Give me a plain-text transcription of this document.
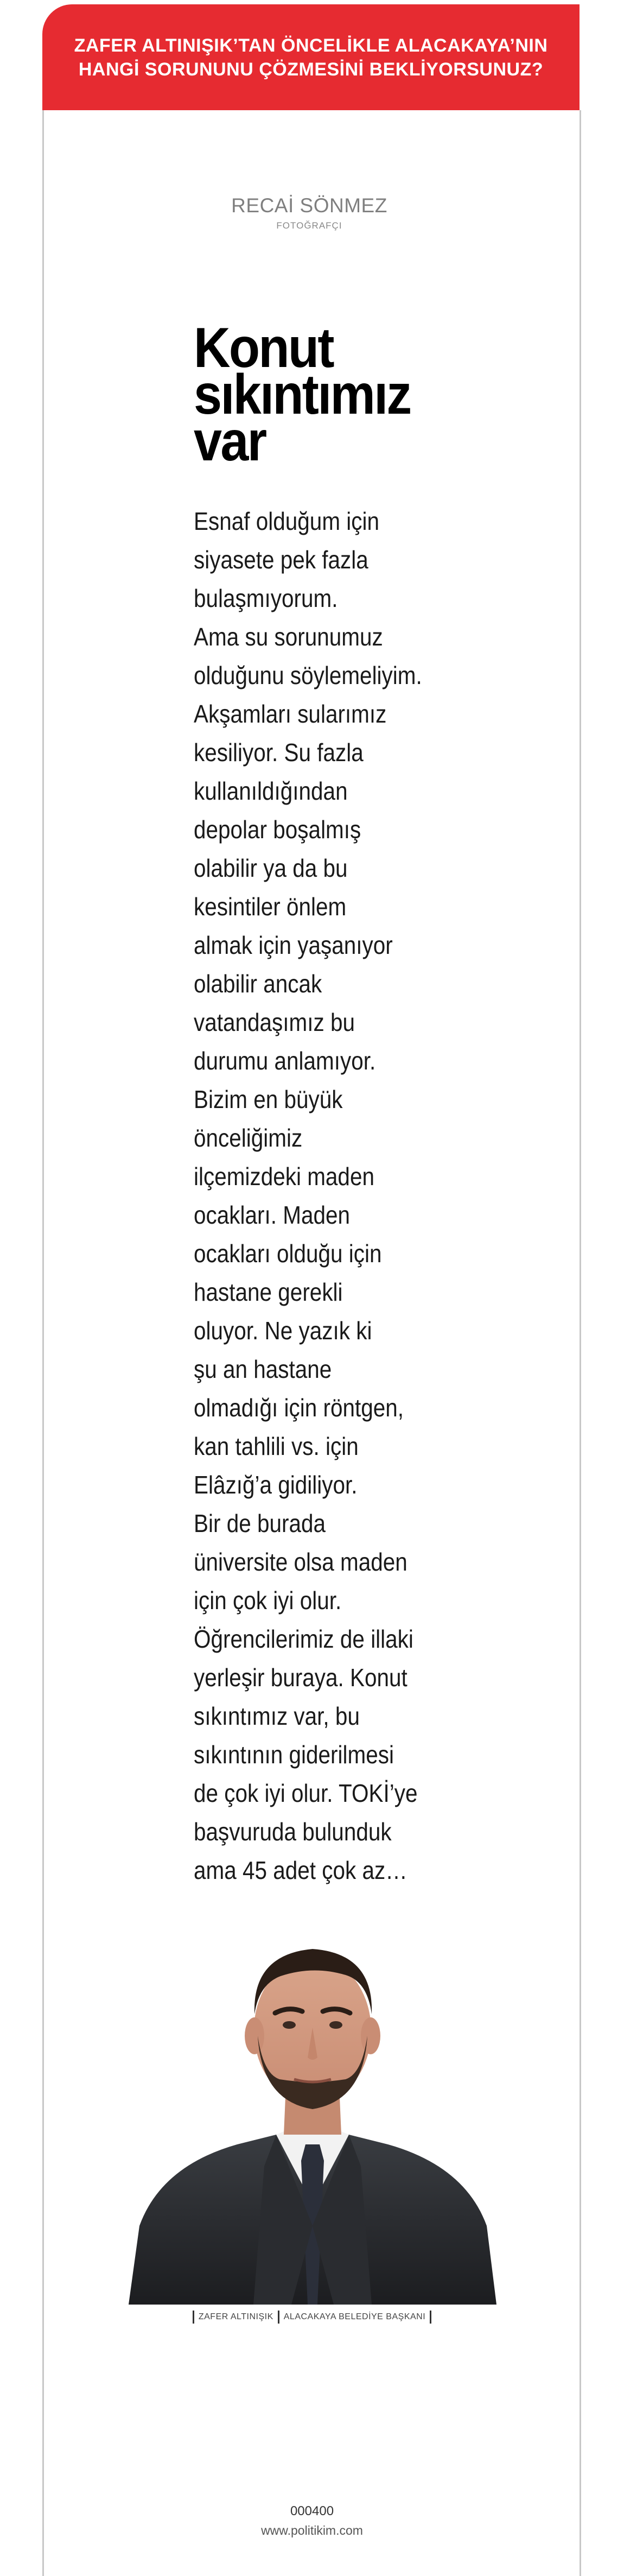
ZAFER ALTINIŞIK’TAN ÖNCELİKLE ALACAKAYA’NIN
HANGİ SORUNUNU ÇÖZMESİNİ BEKLİYORSUNUZ?
RECAİ SÖNMEZ
FOTOĞRAFÇI
Konut
sıkıntımız
var
Esnaf olduğum için
siyasete pek fazla
bulaşmıyorum.
Ama su sorunumuz
olduğunu söylemeliyim.
Akşamları sularımız
kesiliyor. Su fazla
kullanıldığından
depolar boşalmış
olabilir ya da bu
kesintiler önlem
almak için yaşanıyor
olabilir ancak
vatandaşımız bu
durumu anlamıyor.
Bizim en büyük
önceliğimiz
ilçemizdeki maden
ocakları. Maden
ocakları olduğu için
hastane gerekli
oluyor. Ne yazık ki
şu an hastane
olmadığı için röntgen,
kan tahlili vs. için
Elâzığ’a gidiliyor.
Bir de burada
üniversite olsa maden
için çok iyi olur.
Öğrencilerimiz de illaki
yerleşir buraya. Konut
sıkıntımız var, bu
sıkıntının giderilmesi
de çok iyi olur. TOKİ’ye
başvuruda bulunduk
ama 45 adet çok az…
ZAFER ALTINIŞIK ALACAKAYA BELEDİYE BAŞKANI
000400
www.politikim.com
